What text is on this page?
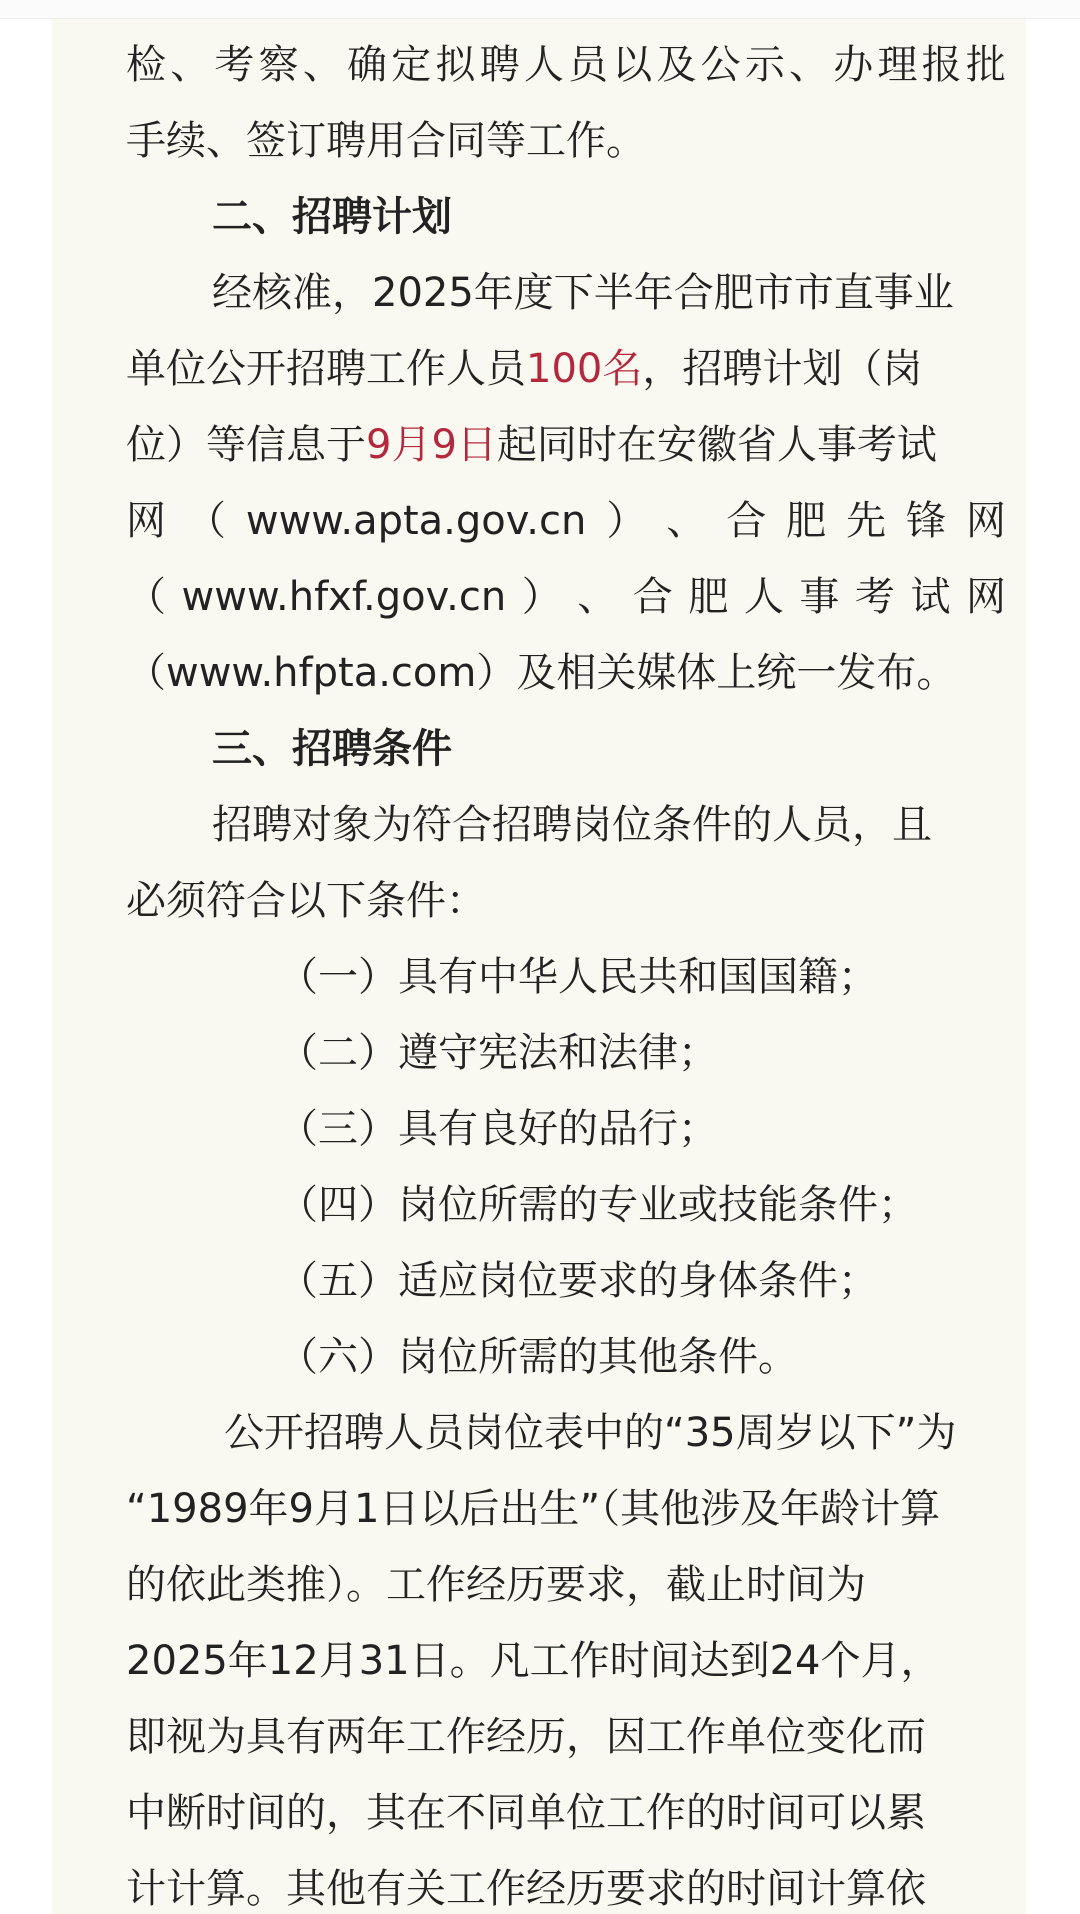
检 、 考 察 、 确 定 拟 聘 人 员 以 及 公 示 、 办 理 报 批
手续、签订聘用合同等工作。
二、招聘计划
经核准，2025年度下半年合肥市市直事业
单位公开招聘工作人员100名，招聘计划（岗
位）等信息于9月9日起同时在安徽省人事考试
网 （ www.apta.gov.cn ） 、 合 肥 先 锋 网
（ www.hfxf.gov.cn ） 、 合 肥 人 事 考 试 网
（www.hfpta.com）及相关媒体上统一发布。
三、招聘条件
招聘对象为符合招聘岗位条件的人员，且
必须符合以下条件：
（一）具有中华人民共和国国籍；
（二）遵守宪法和法律；
（三）具有良好的品行；
（四）岗位所需的专业或技能条件；
（五）适应岗位要求的身体条件；
（六）岗位所需的其他条件。
公开招聘人员岗位表中的“35周岁以下”为
“1989年9月1日以后出生”（其他涉及年龄计算
的依此类推）。工作经历要求，截止时间为
2025年12月31日。凡工作时间达到24个月，
即视为具有两年工作经历，因工作单位变化而
中断时间的，其在不同单位工作的时间可以累
计计算。其他有关工作经历要求的时间计算依
